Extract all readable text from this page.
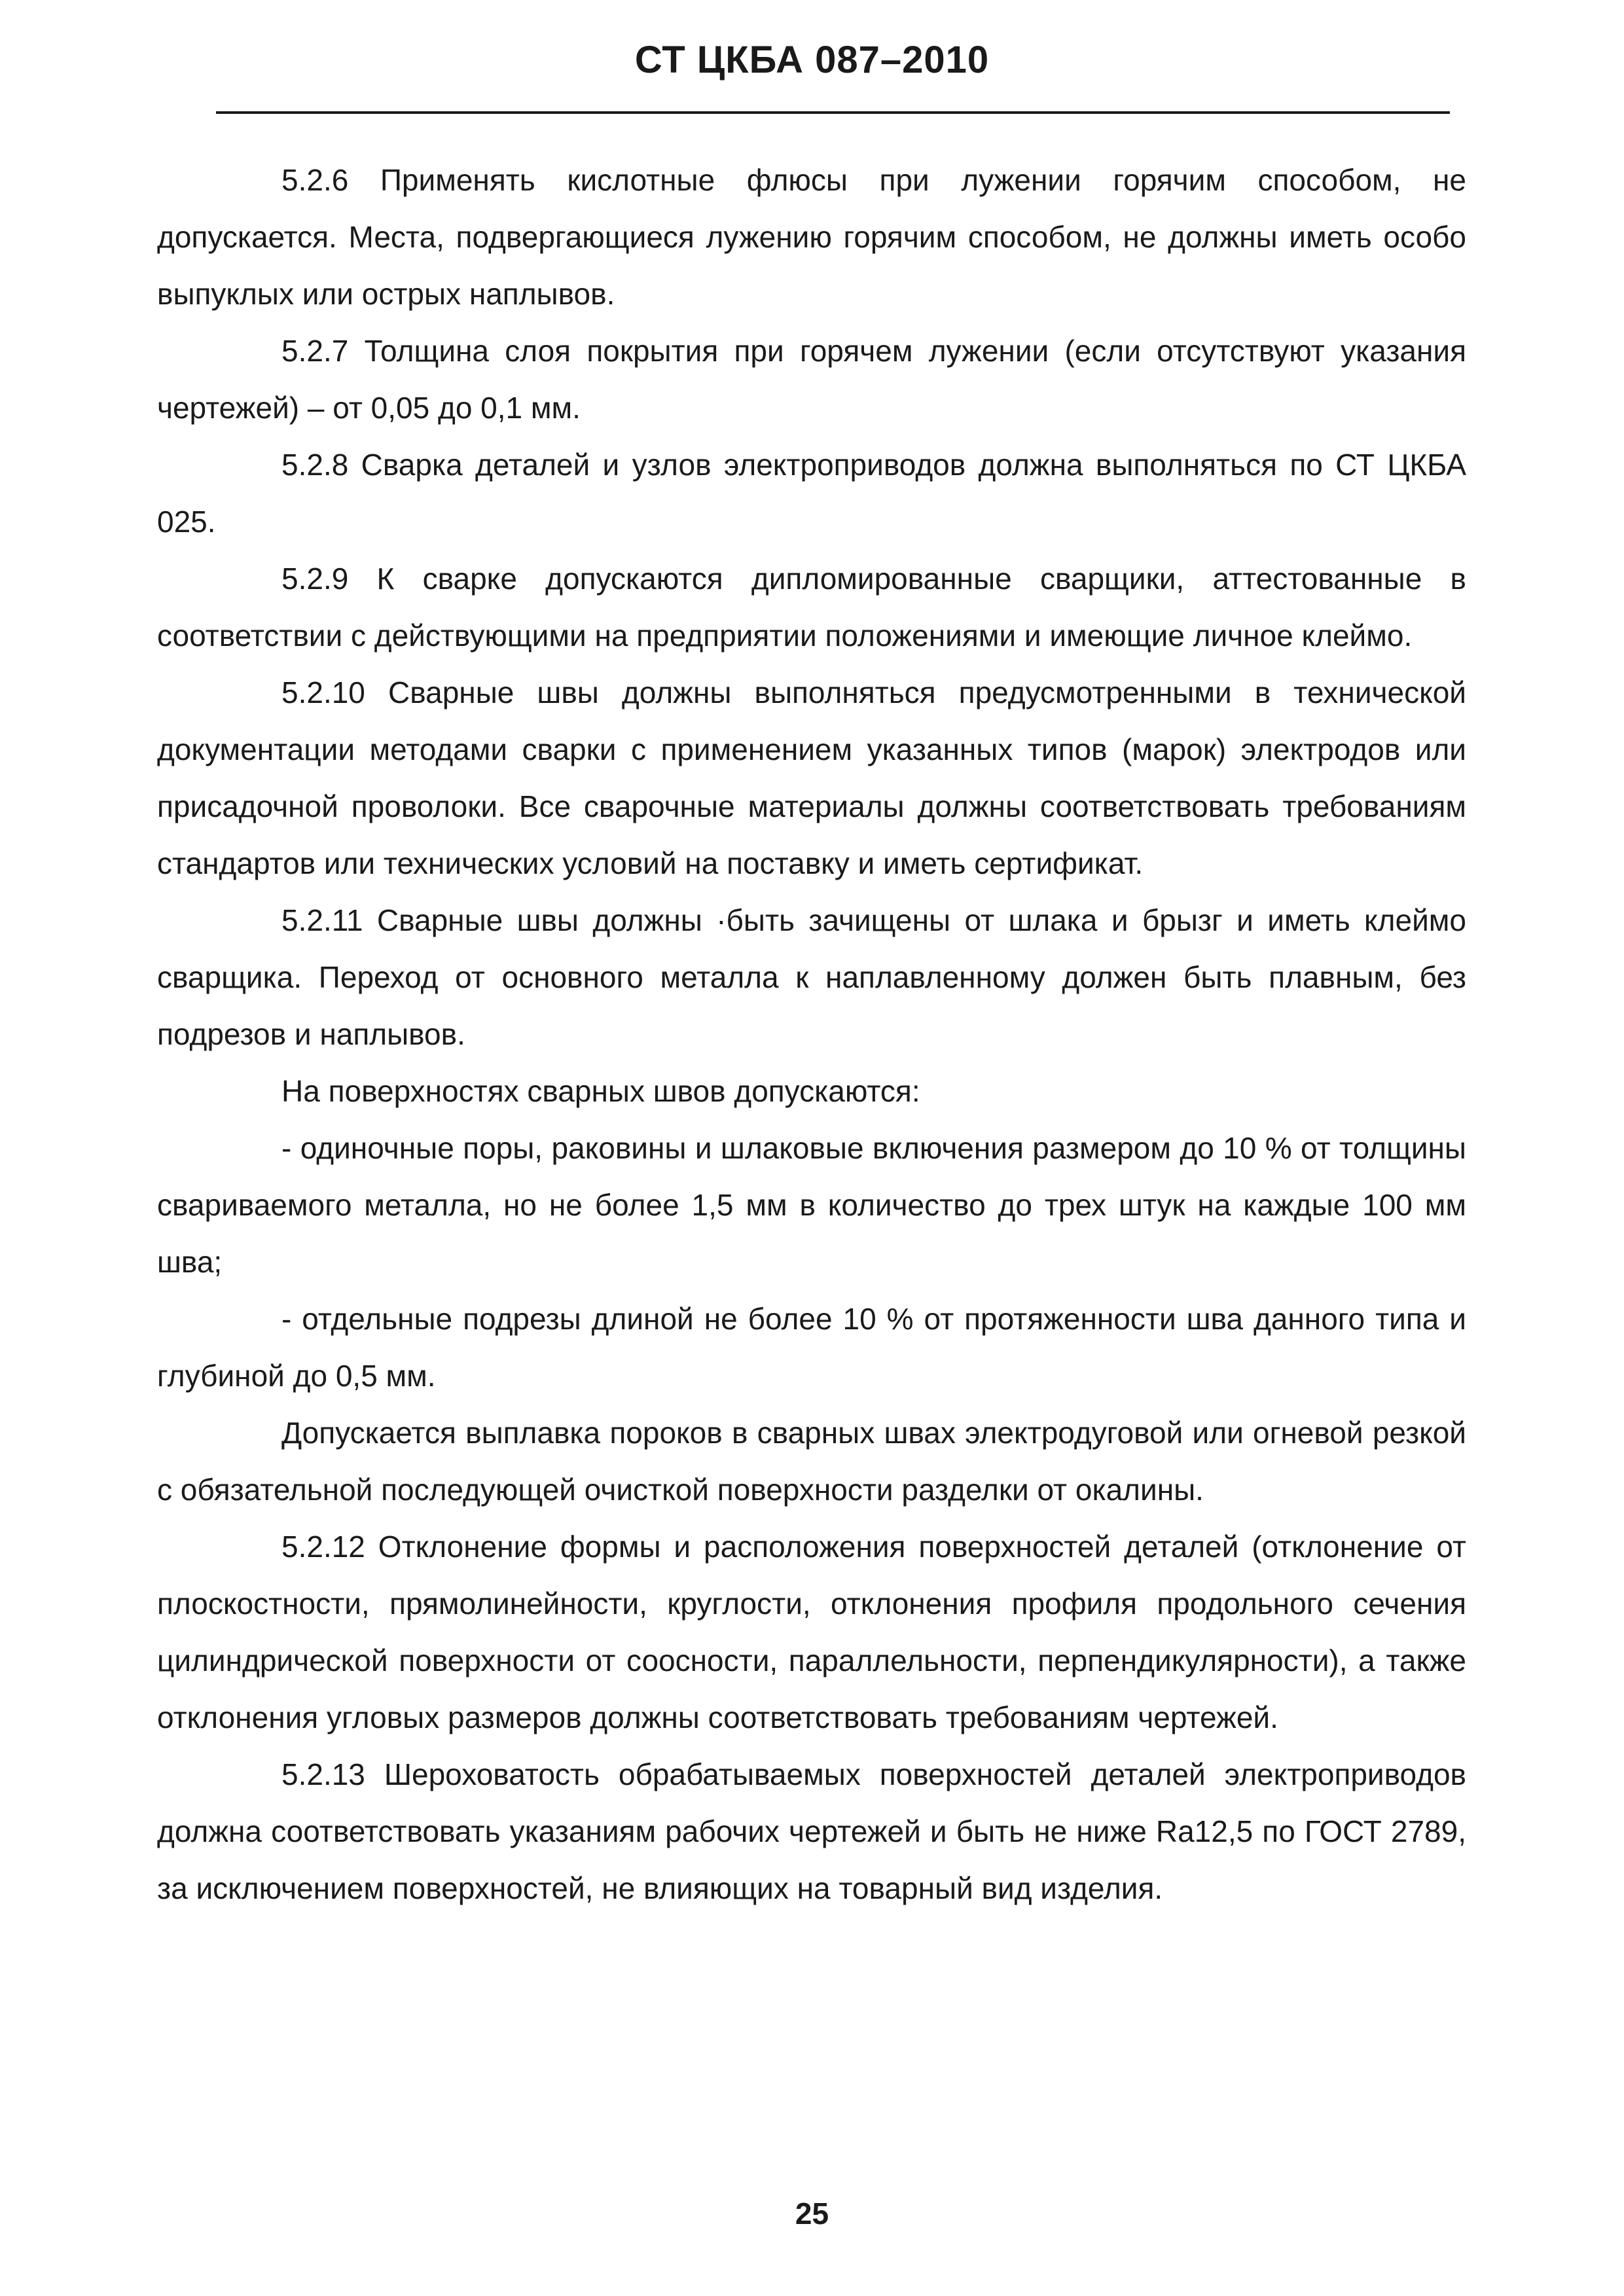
СТ ЦКБА 087–2010

5.2.6 Применять кислотные флюсы при лужении горячим способом, не допускается. Места, подвергающиеся лужению горячим способом, не должны иметь особо выпуклых или острых наплывов.

5.2.7 Толщина слоя покрытия при горячем лужении (если отсутствуют указания чертежей) – от 0,05 до 0,1 мм.

5.2.8 Сварка деталей и узлов электроприводов должна выполняться по СТ ЦКБА 025.

5.2.9 К сварке допускаются дипломированные сварщики, аттестованные в соответствии с действующими на предприятии положениями и имеющие личное клеймо.

5.2.10 Сварные швы должны выполняться предусмотренными в технической документации методами сварки с применением указанных типов (марок) электродов или присадочной проволоки. Все сварочные материалы должны соответствовать требованиям стандартов или технических условий на поставку и иметь сертификат.

5.2.11 Сварные швы должны ·быть зачищены от шлака и брызг и иметь клеймо сварщика. Переход от основного металла к наплавленному должен быть плавным, без подрезов и наплывов.

На поверхностях сварных швов допускаются:

- одиночные поры, раковины и шлаковые включения размером до 10 % от толщины свариваемого металла, но не более 1,5 мм в количество до трех штук на каждые 100 мм шва;

- отдельные подрезы длиной не более 10 % от протяженности шва данного типа и глубиной до 0,5 мм.

Допускается выплавка пороков в сварных швах электродуговой или огневой резкой с обязательной последующей очисткой поверхности разделки от окалины.

5.2.12 Отклонение формы и расположения поверхностей деталей (отклонение от плоскостности, прямолинейности, круглости, отклонения профиля продольного сечения цилиндрической поверхности от соосности, параллельности, перпендикулярности), а также отклонения угловых размеров должны соответствовать требованиям чертежей.

5.2.13 Шероховатость обрабатываемых поверхностей деталей электроприводов должна соответствовать указаниям рабочих чертежей и быть не ниже Ra12,5 по ГОСТ 2789, за исключением поверхностей, не влияющих на товарный вид изделия.

25
